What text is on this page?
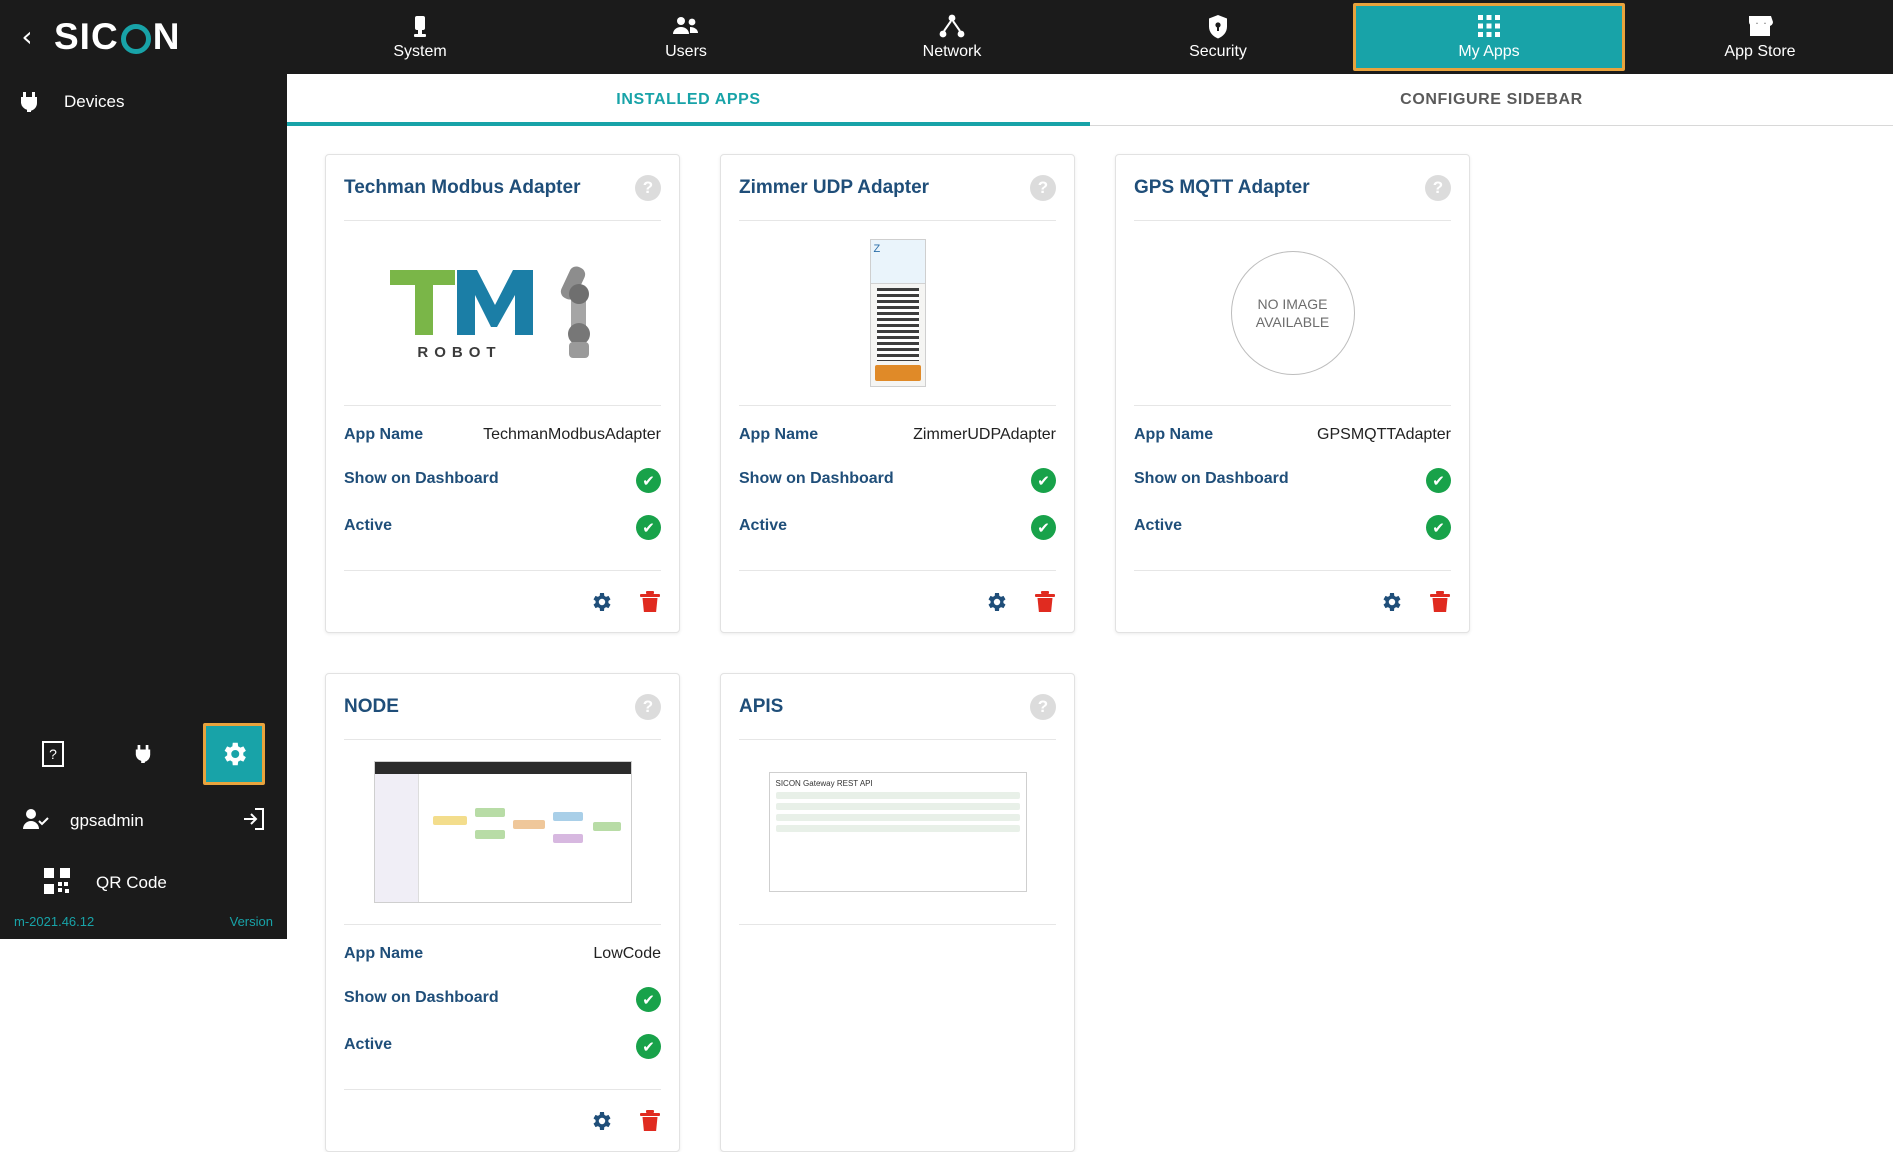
‹ SIC N
Devices
?
gpsadmin
QR Code
m-2021.46.12	Version
System	Users	Network	Security	My Apps	App Store
INSTALLED APPS	CONFIGURE SIDEBAR
Techman Modbus Adapter	?
ROBOT
App Name	TechmanModbusAdapter
Show on Dashboard	✔
Active	✔
Zimmer UDP Adapter	?
Z
App Name	ZimmerUDPAdapter
Show on Dashboard	✔
Active	✔
GPS MQTT Adapter	?
NO IMAGE AVAILABLE
App Name	GPSMQTTAdapter
Show on Dashboard	✔
Active	✔
NODE	?
App Name	LowCode
Show on Dashboard	✔
Active	✔
APIS	?
SICON Gateway REST API
